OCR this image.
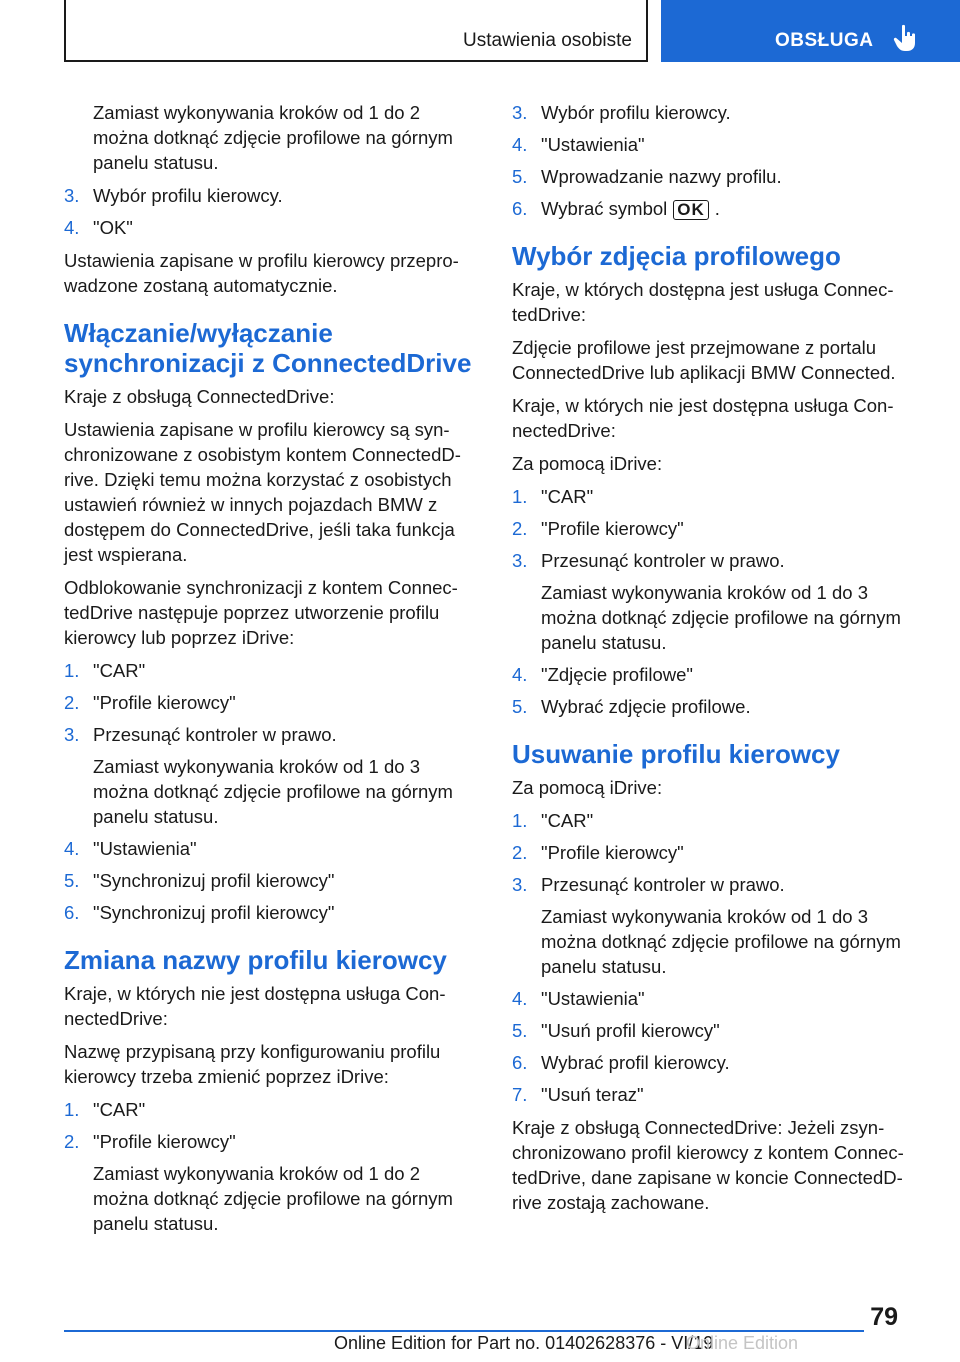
Ustawienia osobiste	OBSŁUGA

Zamiast wykonywania kroków od 1 do 2 można dotknąć zdjęcie profilowe na górnym panelu statusu.

3. Wybór profilu kierowcy.
4. "OK"

Ustawienia zapisane w profilu kierowcy przeprowadzone zostaną automatycznie.

Włączanie/wyłączanie synchronizacji z ConnectedDrive

Kraje z obsługą ConnectedDrive:

Ustawienia zapisane w profilu kierowcy są synchronizowane z osobistym kontem ConnectedDrive. Dzięki temu można korzystać z osobistych ustawień również w innych pojazdach BMW z dostępem do ConnectedDrive, jeśli taka funkcja jest wspierana.

Odblokowanie synchronizacji z kontem ConnectedDrive następuje poprzez utworzenie profilu kierowcy lub poprzez iDrive:

1. "CAR"
2. "Profile kierowcy"
3. Przesunąć kontroler w prawo.
Zamiast wykonywania kroków od 1 do 3 można dotknąć zdjęcie profilowe na górnym panelu statusu.
4. "Ustawienia"
5. "Synchronizuj profil kierowcy"
6. "Synchronizuj profil kierowcy"
Zmiana nazwy profilu kierowcy

Kraje, w których nie jest dostępna usługa ConnectedDrive:

Nazwę przypisaną przy konfigurowaniu profilu kierowcy trzeba zmienić poprzez iDrive:

1. "CAR"
2. "Profile kierowcy"
Zamiast wykonywania kroków od 1 do 2 można dotknąć zdjęcie profilowe na górnym panelu statusu.
3. Wybór profilu kierowcy.
4. "Ustawienia"
5. Wprowadzanie nazwy profilu.
6. Wybrać symbol OK .
Wybór zdjęcia profilowego

Kraje, w których dostępna jest usługa ConnectedDrive:

Zdjęcie profilowe jest przejmowane z portalu ConnectedDrive lub aplikacji BMW Connected.

Kraje, w których nie jest dostępna usługa ConnectedDrive:

Za pomocą iDrive:

1. "CAR"
2. "Profile kierowcy"
3. Przesunąć kontroler w prawo.
Zamiast wykonywania kroków od 1 do 3 można dotknąć zdjęcie profilowe na górnym panelu statusu.
4. "Zdjęcie profilowe"
5. Wybrać zdjęcie profilowe.
Usuwanie profilu kierowcy

Za pomocą iDrive:

1. "CAR"
2. "Profile kierowcy"
3. Przesunąć kontroler w prawo.
Zamiast wykonywania kroków od 1 do 3 można dotknąć zdjęcie profilowe na górnym panelu statusu.
4. "Ustawienia"
5. "Usuń profil kierowcy"
6. Wybrać profil kierowcy.
7. "Usuń teraz"

Kraje z obsługą ConnectedDrive: Jeżeli zsynchronizowano profil kierowcy z kontem ConnectedDrive, dane zapisane w koncie ConnectedDrive zostają zachowane.

79
Online Edition for Part no. 01402628376 - VI/19
Online Edition
